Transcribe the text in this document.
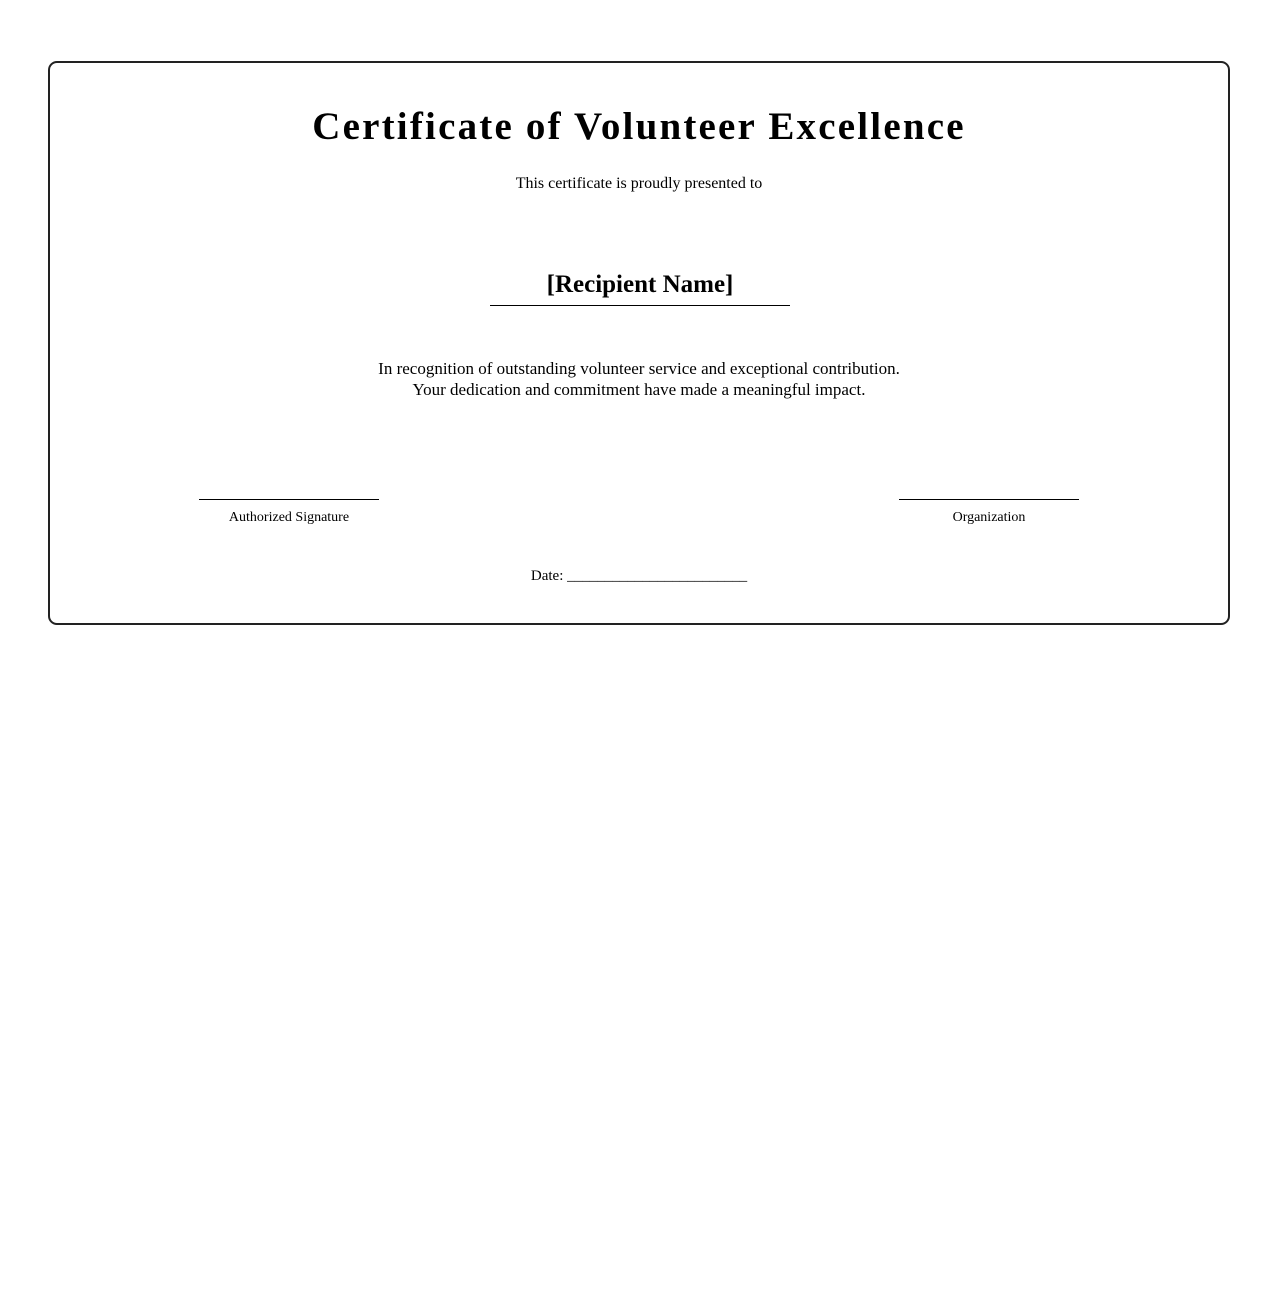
Certificate of Volunteer Excellence
This certificate is proudly presented to
[Recipient Name]
In recognition of outstanding volunteer service and exceptional contribution.
Your dedication and commitment have made a meaningful impact.
Authorized Signature	Organization
Date: ________________________
